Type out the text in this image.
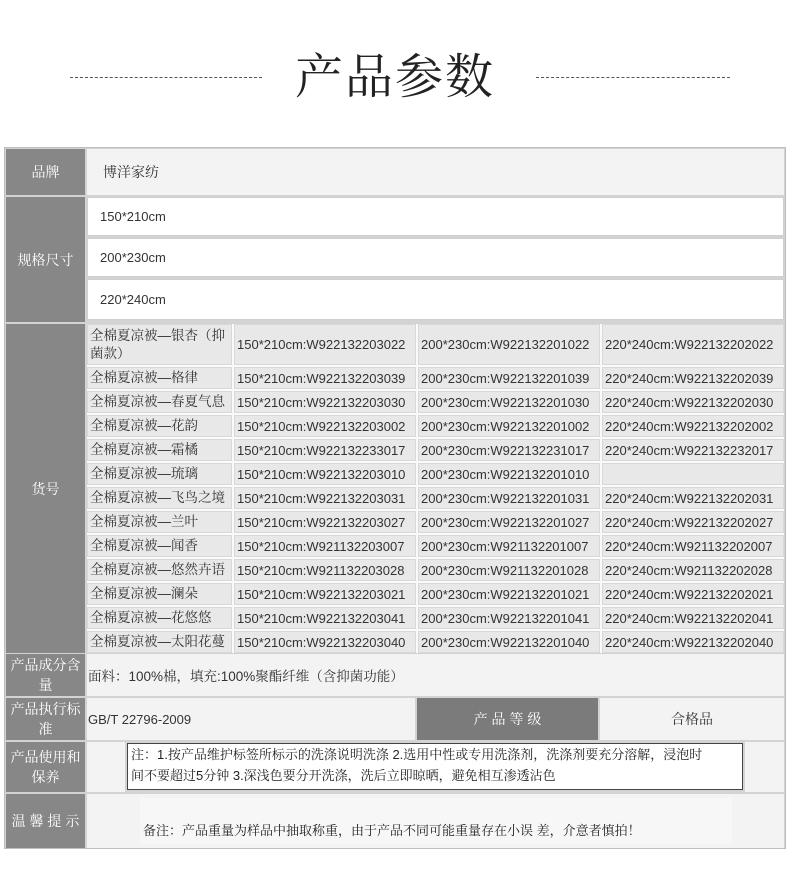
产品参数
品牌	博洋家纺
规格尺寸
150*210cm
200*230cm
220*240cm
货号
全棉夏凉被—银杏（抑菌款）
150*210cm:W922132203022	200*230cm:W922132201022	220*240cm:W922132202022
全棉夏凉被—格律	150*210cm:W922132203039	200*230cm:W922132201039	220*240cm:W922132202039
全棉夏凉被—春夏气息 150*210cm:W922132203030	200*230cm:W922132201030	220*240cm:W922132202030
全棉夏凉被—花韵	150*210cm:W922132203002	200*230cm:W922132201002	220*240cm:W922132202002
全棉夏凉被—霜橘	150*210cm:W922132233017	200*230cm:W922132231017	220*240cm:W922132232017
全棉夏凉被—琉璃	150*210cm:W922132203010	200*230cm:W922132201010
全棉夏凉被—飞鸟之境 150*210cm:W922132203031	200*230cm:W922132201031	220*240cm:W922132202031
全棉夏凉被—兰叶	150*210cm:W922132203027	200*230cm:W922132201027	220*240cm:W922132202027
全棉夏凉被—闻香	150*210cm:W921132203007	200*230cm:W921132201007	220*240cm:W921132202007
全棉夏凉被—悠然卉语 150*210cm:W921132203028	200*230cm:W921132201028	220*240cm:W921132202028
全棉夏凉被—澜朵	150*210cm:W922132203021	200*230cm:W922132201021	220*240cm:W922132202021
全棉夏凉被—花悠悠	150*210cm:W922132203041	200*230cm:W922132201041	220*240cm:W922132202041
全棉夏凉被—太阳花蔓 150*210cm:W922132203040	200*230cm:W922132201040	220*240cm:W922132202040
产品成分含量
面料：100%棉，填充:100%聚酯纤维（含抑菌功能）
产品执行标准
GB/T 22796-2009	产 品 等 级	合格品
产品使用和保养
注：1.按产品维护标签所标示的洗涤说明洗涤 2.选用中性或专用洗涤剂，洗涤剂要充分溶解，浸泡时
间不要超过5分钟 3.深浅色要分开洗涤，洗后立即晾晒，避免相互渗透沾色
温 馨 提 示
备注：产品重量为样品中抽取称重，由于产品不同可能重量存在小误 差，介意者慎拍！
